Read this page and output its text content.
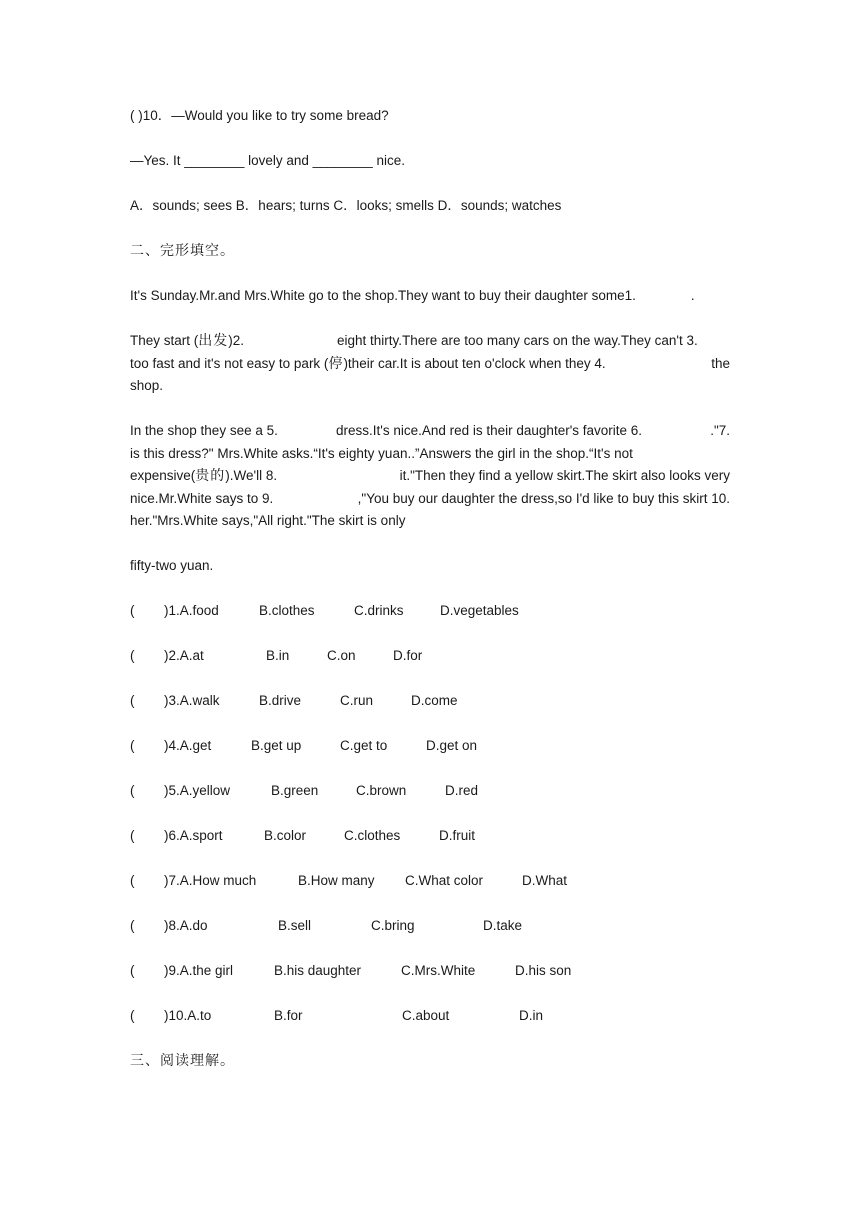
( )10．—Would you like to try some bread?
—Yes. It ________ lovely and ________ nice.
A．sounds; sees B．hears; turns C．looks; smells D．sounds; watches
二、完形填空。
It's Sunday.Mr.and Mrs.White go to the shop.They want to buy their daughter some1.	.
They start (出发)2.	eight thirty.There are too many cars on the way.They can't 3.
too fast and it's not easy to park (停)their car.It is about ten o'clock when they 4.	the
shop.
In the shop they see a 5.	dress.It's nice.And red is their daughter's favorite 6.	."7.
is this dress?" Mrs.White asks.“It's eighty yuan..”Answers the girl in the shop.“It's not
expensive(贵的).We'll 8.	it."Then they find a yellow skirt.The skirt also looks very
nice.Mr.White says to 9.	,"You buy our daughter the dress,so I'd like to buy this skirt 10.
her."Mrs.White says,"All right."The skirt is only
fifty-two yuan.
( )1.A.food	B.clothes	C.drinks	D.vegetables
( )2.A.at	B.in	C.on	D.for
( )3.A.walk	B.drive	C.run	D.come
( )4.A.get	B.get up	C.get to	D.get on
( )5.A.yellow	B.green	C.brown	D.red
( )6.A.sport	B.color	C.clothes	D.fruit
( )7.A.How much	B.How many C.What color	D.What
( )8.A.do	B.sell	C.bring	D.take
( )9.A.the girl	B.his daughter	C.Mrs.White	D.his son
( )10.A.to	B.for	C.about	D.in
三、阅读理解。
